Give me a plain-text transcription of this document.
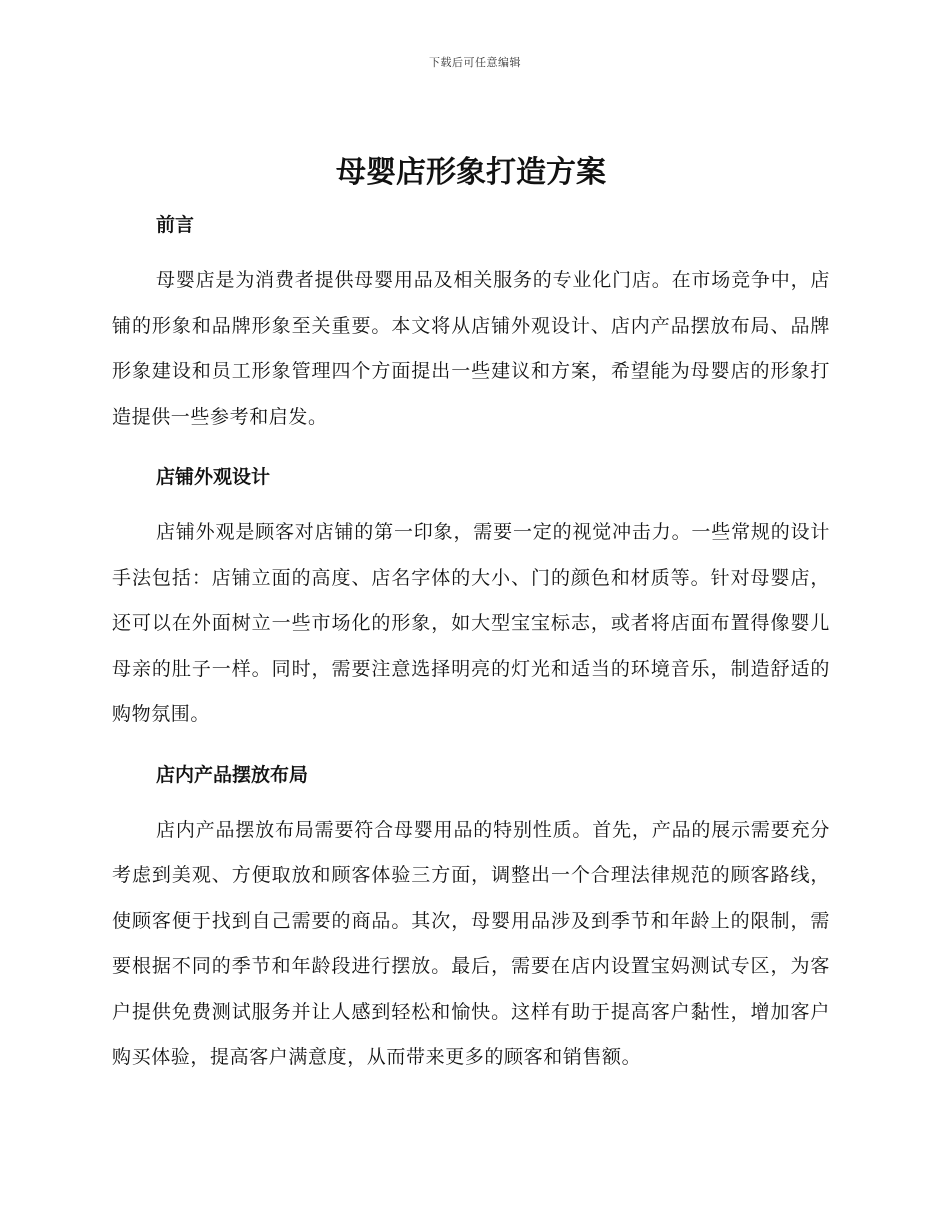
下载后可任意编辑
母婴店形象打造方案
前言

母婴店是为消费者提供母婴用品及相关服务的专业化门店。在市场竞争中，店铺的形象和品牌形象至关重要。本文将从店铺外观设计、店内产品摆放布局、品牌形象建设和员工形象管理四个方面提出一些建议和方案，希望能为母婴店的形象打造提供一些参考和启发。

店铺外观设计

店铺外观是顾客对店铺的第一印象，需要一定的视觉冲击力。一些常规的设计手法包括：店铺立面的高度、店名字体的大小、门的颜色和材质等。针对母婴店，还可以在外面树立一些市场化的形象，如大型宝宝标志，或者将店面布置得像婴儿母亲的肚子一样。同时，需要注意选择明亮的灯光和适当的环境音乐，制造舒适的购物氛围。

店内产品摆放布局

店内产品摆放布局需要符合母婴用品的特别性质。首先，产品的展示需要充分考虑到美观、方便取放和顾客体验三方面，调整出一个合理法律规范的顾客路线，使顾客便于找到自己需要的商品。其次，母婴用品涉及到季节和年龄上的限制，需要根据不同的季节和年龄段进行摆放。最后，需要在店内设置宝妈测试专区，为客户提供免费测试服务并让人感到轻松和愉快。这样有助于提高客户黏性，增加客户购买体验，提高客户满意度，从而带来更多的顾客和销售额。
